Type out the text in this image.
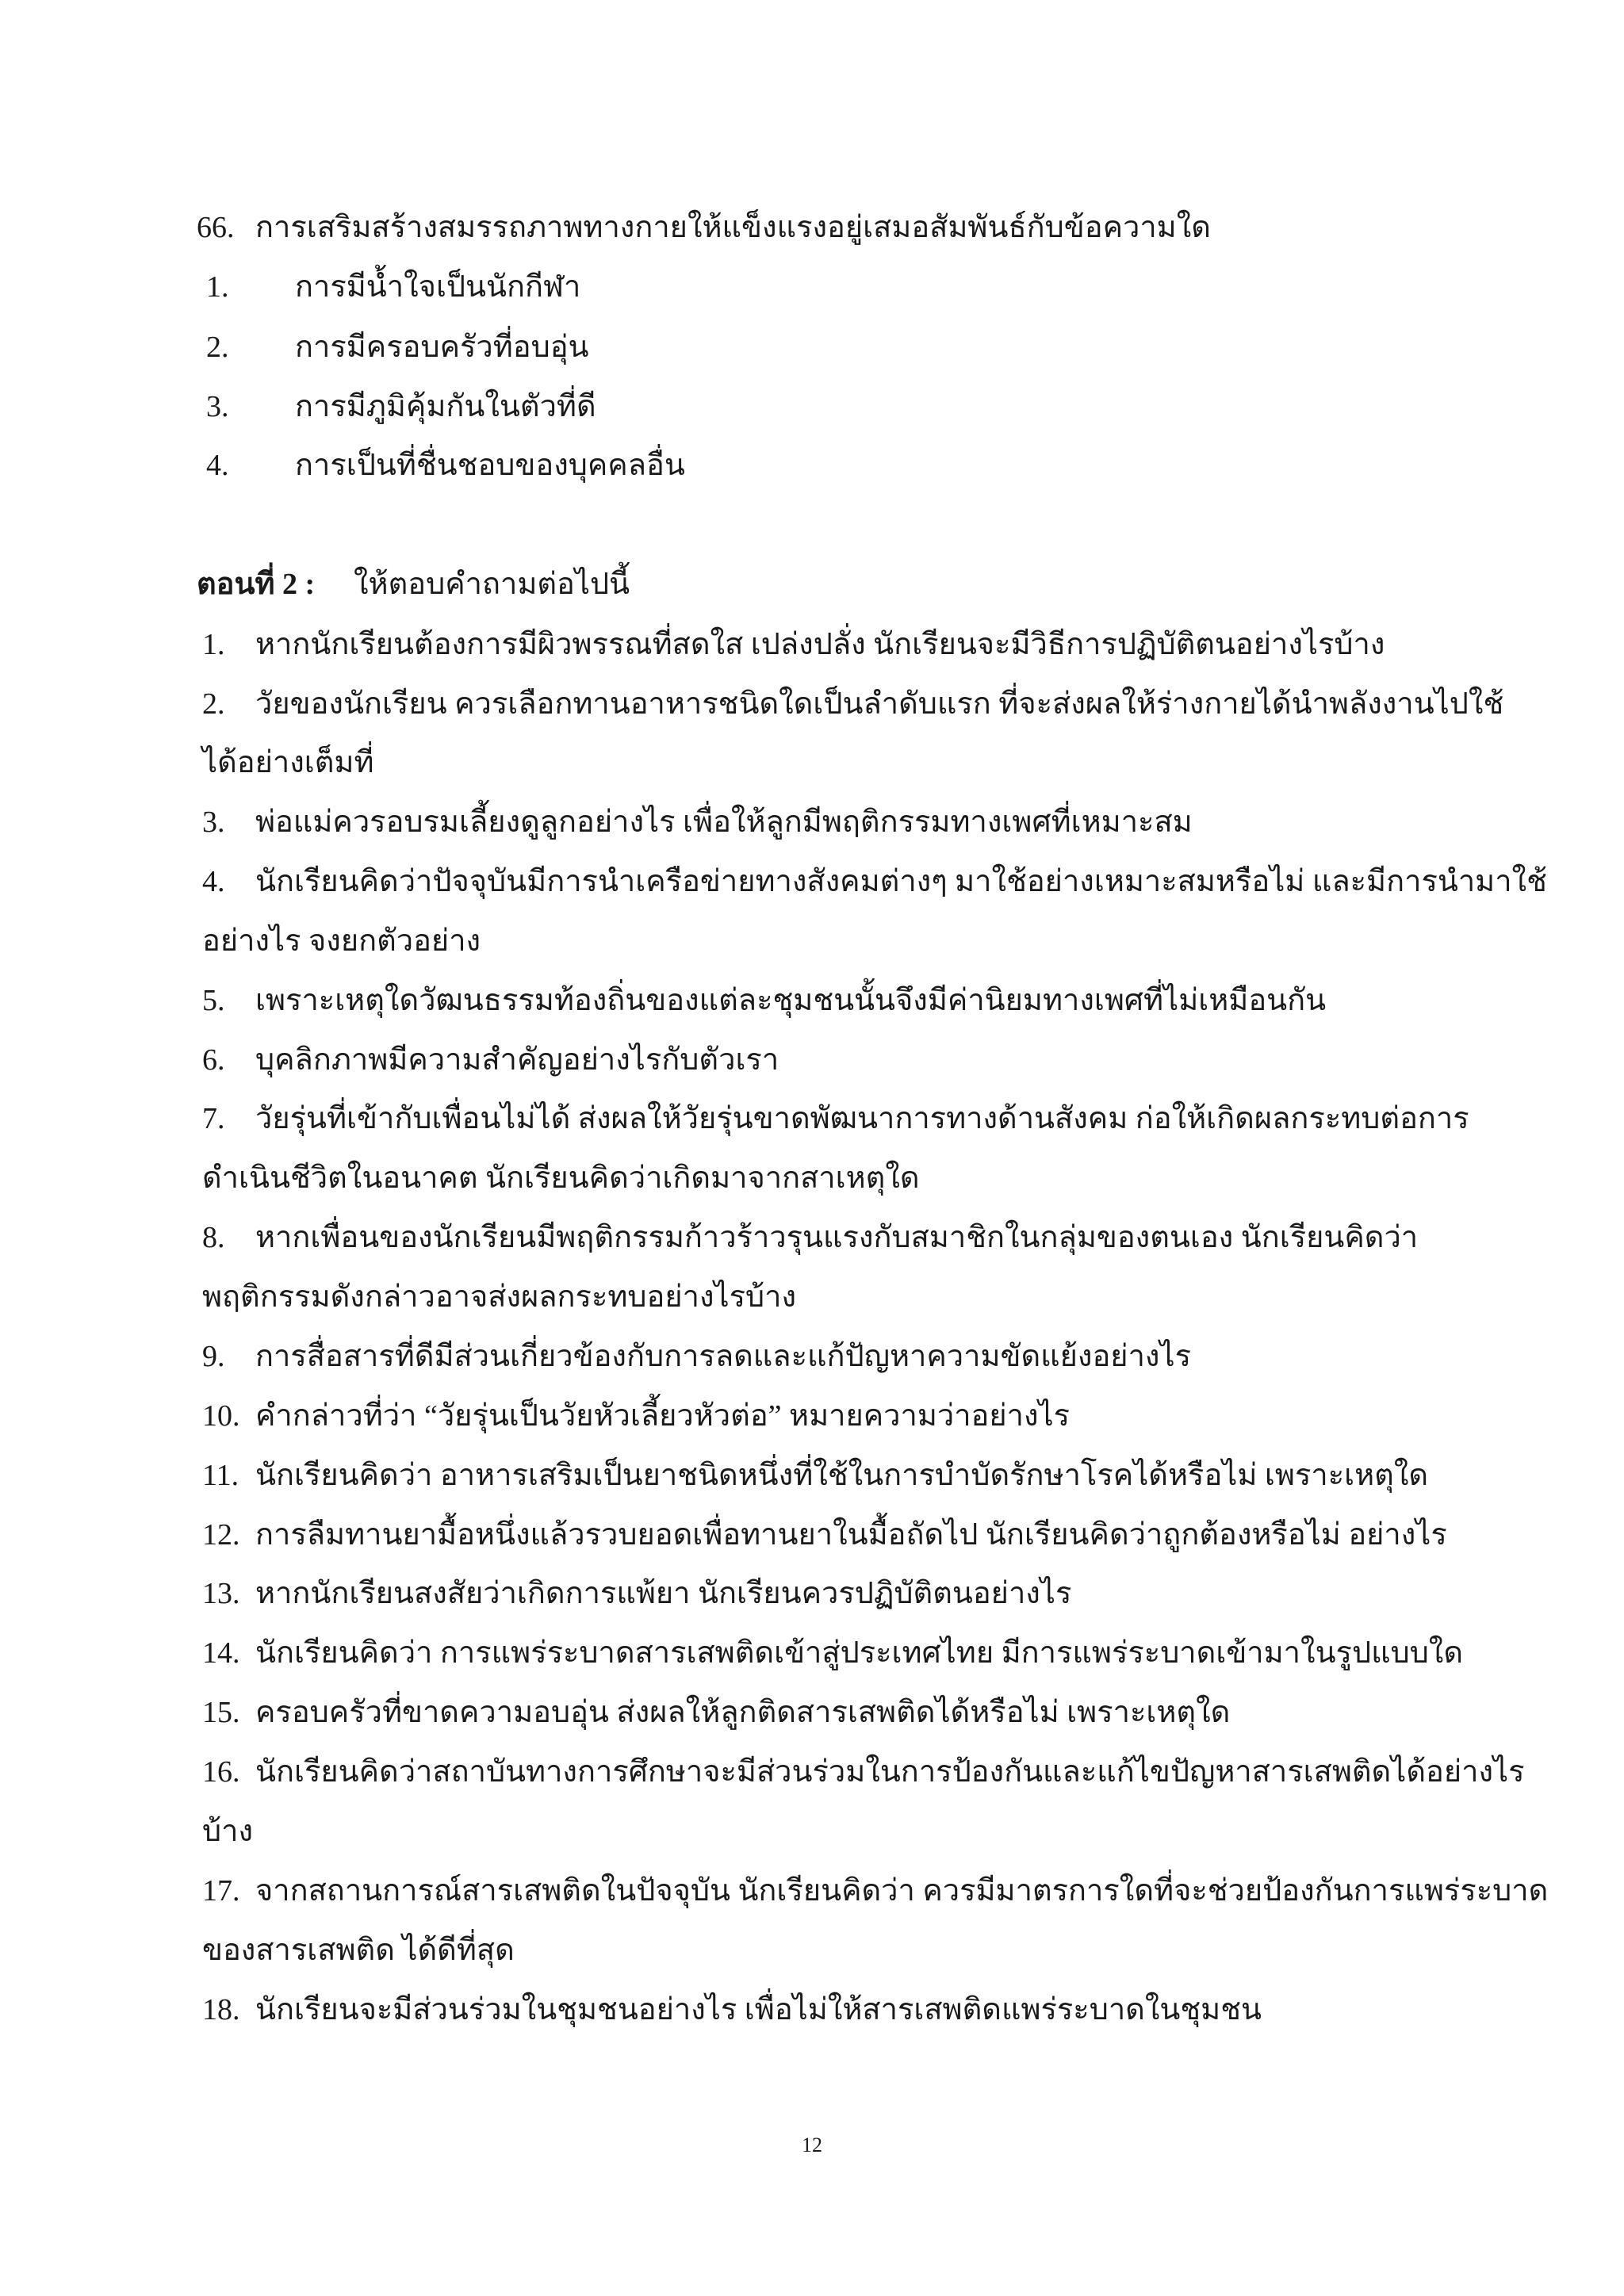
66. การเสริมสร้างสมรรถภาพทางกายให้แข็งแรงอยู่เสมอสัมพันธ์กับข้อความใด
1. การมีน้ำใจเป็นนักกีฬา
2. การมีครอบครัวที่อบอุ่น
3. การมีภูมิคุ้มกันในตัวที่ดี
4. การเป็นที่ชื่นชอบของบุคคลอื่น
ตอนที่ 2 : ให้ตอบคำถามต่อไปนี้
1. หากนักเรียนต้องการมีผิวพรรณที่สดใส เปล่งปลั่ง นักเรียนจะมีวิธีการปฏิบัติตนอย่างไรบ้าง
2. วัยของนักเรียน ควรเลือกทานอาหารชนิดใดเป็นลำดับแรก ที่จะส่งผลให้ร่างกายได้นำพลังงานไปใช้
ได้อย่างเต็มที่
3. พ่อแม่ควรอบรมเลี้ยงดูลูกอย่างไร เพื่อให้ลูกมีพฤติกรรมทางเพศที่เหมาะสม
4. นักเรียนคิดว่าปัจจุบันมีการนำเครือข่ายทางสังคมต่างๆ มาใช้อย่างเหมาะสมหรือไม่ และมีการนำมาใช้
อย่างไร จงยกตัวอย่าง
5. เพราะเหตุใดวัฒนธรรมท้องถิ่นของแต่ละชุมชนนั้นจึงมีค่านิยมทางเพศที่ไม่เหมือนกัน
6. บุคลิกภาพมีความสำคัญอย่างไรกับตัวเรา
7. วัยรุ่นที่เข้ากับเพื่อนไม่ได้ ส่งผลให้วัยรุ่นขาดพัฒนาการทางด้านสังคม ก่อให้เกิดผลกระทบต่อการ
ดำเนินชีวิตในอนาคต นักเรียนคิดว่าเกิดมาจากสาเหตุใด
8. หากเพื่อนของนักเรียนมีพฤติกรรมก้าวร้าวรุนแรงกับสมาชิกในกลุ่มของตนเอง นักเรียนคิดว่า
พฤติกรรมดังกล่าวอาจส่งผลกระทบอย่างไรบ้าง
9. การสื่อสารที่ดีมีส่วนเกี่ยวข้องกับการลดและแก้ปัญหาความขัดแย้งอย่างไร
10. คำกล่าวที่ว่า “วัยรุ่นเป็นวัยหัวเลี้ยวหัวต่อ” หมายความว่าอย่างไร
11. นักเรียนคิดว่า อาหารเสริมเป็นยาชนิดหนึ่งที่ใช้ในการบำบัดรักษาโรคได้หรือไม่ เพราะเหตุใด
12. การลืมทานยามื้อหนึ่งแล้วรวบยอดเพื่อทานยาในมื้อถัดไป นักเรียนคิดว่าถูกต้องหรือไม่ อย่างไร
13. หากนักเรียนสงสัยว่าเกิดการแพ้ยา นักเรียนควรปฏิบัติตนอย่างไร
14. นักเรียนคิดว่า การแพร่ระบาดสารเสพติดเข้าสู่ประเทศไทย มีการแพร่ระบาดเข้ามาในรูปแบบใด
15. ครอบครัวที่ขาดความอบอุ่น ส่งผลให้ลูกติดสารเสพติดได้หรือไม่ เพราะเหตุใด
16. นักเรียนคิดว่าสถาบันทางการศึกษาจะมีส่วนร่วมในการป้องกันและแก้ไขปัญหาสารเสพติดได้อย่างไร
บ้าง
17. จากสถานการณ์สารเสพติดในปัจจุบัน นักเรียนคิดว่า ควรมีมาตรการใดที่จะช่วยป้องกันการแพร่ระบาด
ของสารเสพติด ได้ดีที่สุด
18. นักเรียนจะมีส่วนร่วมในชุมชนอย่างไร เพื่อไม่ให้สารเสพติดแพร่ระบาดในชุมชน
12
